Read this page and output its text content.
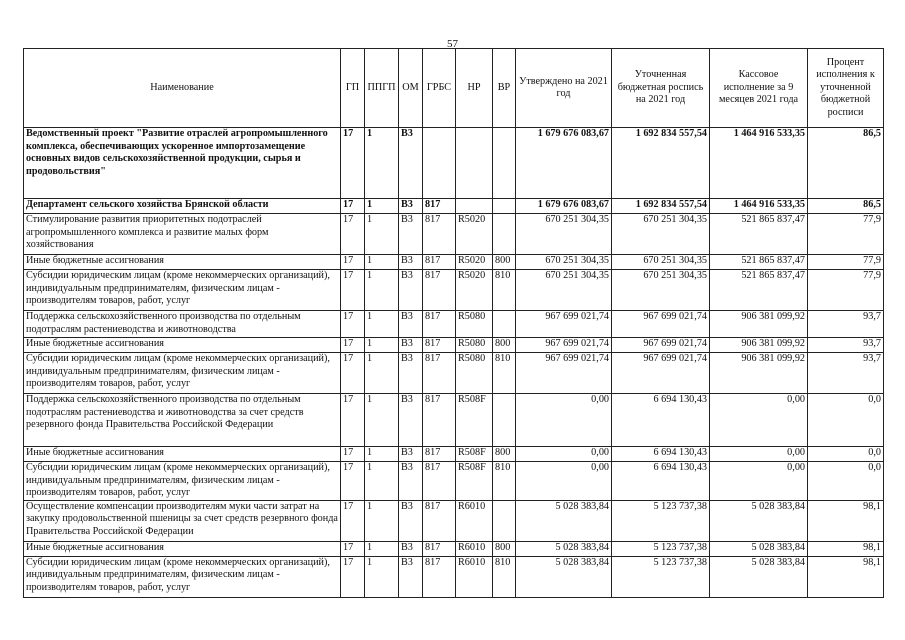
57
Наименование	ГП	ППГП	ОМ	ГРБС	НР	ВР	Утверждено на 2021 год	Уточненная бюджетная роспись на 2021 год	Кассовое исполнение за 9 месяцев 2021 года	Процент исполнения к уточненной бюджетной росписи
Ведомственный проект "Развитие отраслей агропромышленного комплекса, обеспечивающих ускоренное импортозамещение основных видов сельскохозяйственной продукции, сырья и продовольствия"	17	1	В3				1 679 676 083,67	1 692 834 557,54	1 464 916 533,35	86,5
Департамент сельского хозяйства Брянской области	17	1	В3	817			1 679 676 083,67	1 692 834 557,54	1 464 916 533,35	86,5
Стимулирование развития приоритетных подотраслей агропромышленного комплекса и развитие малых форм хозяйствования	17	1	В3	817	R5020		670 251 304,35	670 251 304,35	521 865 837,47	77,9
Иные бюджетные ассигнования	17	1	В3	817	R5020	800	670 251 304,35	670 251 304,35	521 865 837,47	77,9
Субсидии юридическим лицам (кроме некоммерческих организаций), индивидуальным предпринимателям, физическим лицам - производителям товаров, работ, услуг	17	1	В3	817	R5020	810	670 251 304,35	670 251 304,35	521 865 837,47	77,9
Поддержка сельскохозяйственного производства по отдельным подотраслям растениеводства и животноводства	17	1	В3	817	R5080		967 699 021,74	967 699 021,74	906 381 099,92	93,7
Иные бюджетные ассигнования	17	1	В3	817	R5080	800	967 699 021,74	967 699 021,74	906 381 099,92	93,7
Субсидии юридическим лицам (кроме некоммерческих организаций), индивидуальным предпринимателям, физическим лицам - производителям товаров, работ, услуг	17	1	В3	817	R5080	810	967 699 021,74	967 699 021,74	906 381 099,92	93,7
Поддержка сельскохозяйственного производства по отдельным подотраслям растениеводства и животноводства за счет средств резервного фонда Правительства Российской Федерации	17	1	В3	817	R508F		0,00	6 694 130,43	0,00	0,0
Иные бюджетные ассигнования	17	1	В3	817	R508F	800	0,00	6 694 130,43	0,00	0,0
Субсидии юридическим лицам (кроме некоммерческих организаций), индивидуальным предпринимателям, физическим лицам - производителям товаров, работ, услуг	17	1	В3	817	R508F	810	0,00	6 694 130,43	0,00	0,0
Осуществление компенсации производителям муки части затрат на закупку продовольственной пшеницы за счет средств резервного фонда Правительства Российской Федерации	17	1	В3	817	R6010		5 028 383,84	5 123 737,38	5 028 383,84	98,1
Иные бюджетные ассигнования	17	1	В3	817	R6010	800	5 028 383,84	5 123 737,38	5 028 383,84	98,1
Субсидии юридическим лицам (кроме некоммерческих организаций), индивидуальным предпринимателям, физическим лицам - производителям товаров, работ, услуг	17	1	В3	817	R6010	810	5 028 383,84	5 123 737,38	5 028 383,84	98,1
